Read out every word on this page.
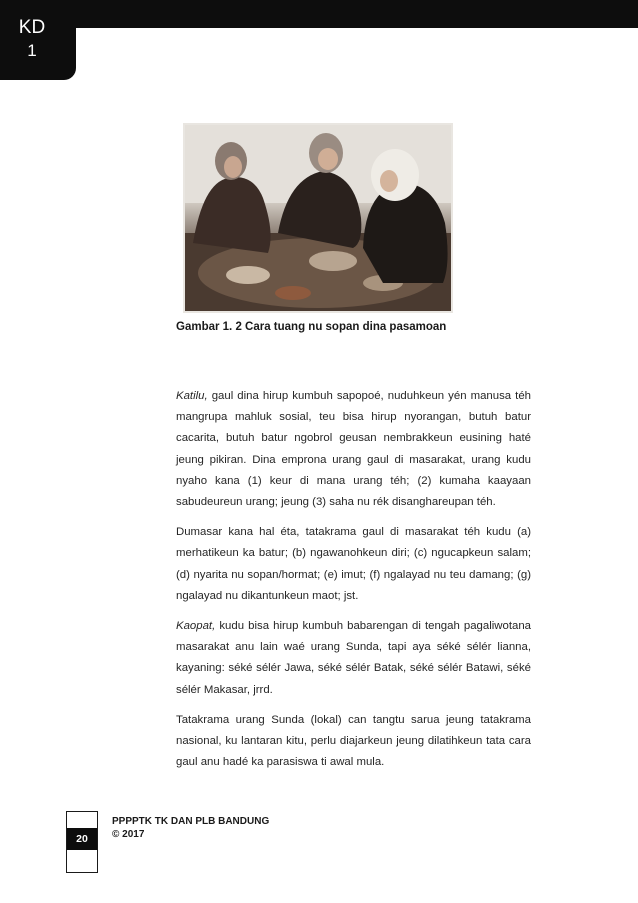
KD
1
Gambar 1. 2 Cara tuang nu sopan dina pasamoan

Katilu, gaul dina hirup kumbuh sapopoé, nuduhkeun yén manusa téh mangrupa mahluk sosial, teu bisa hirup nyorangan, butuh batur cacarita, butuh batur ngobrol geusan nembrakkeun eusining haté jeung pikiran. Dina emprona urang gaul di masarakat, urang kudu nyaho kana (1) keur di mana urang téh; (2) kumaha kaayaan sabudeureun urang; jeung (3) saha nu rék disanghareupan téh.

Dumasar kana hal éta, tatakrama gaul di masarakat téh kudu (a) merhatikeun ka batur; (b) ngawanohkeun diri; (c) ngucapkeun salam; (d) nyarita nu sopan/hormat; (e) imut; (f) ngalayad nu teu damang; (g) ngalayad nu dikantunkeun maot; jst.

Kaopat, kudu bisa hirup kumbuh babarengan di tengah pagaliwotana masarakat anu lain waé urang Sunda, tapi aya séké sélér lianna, kayaning: séké sélér Jawa, séké sélér Batak, séké sélér Batawi, séké sélér Makasar, jrrd.

Tatakrama urang Sunda (lokal) can tangtu sarua jeung tatakrama nasional, ku lantaran kitu, perlu diajarkeun jeung dilatihkeun tata cara gaul anu hadé ka parasiswa ti awal mula.

20
PPPPTK TK DAN PLB BANDUNG
© 2017
